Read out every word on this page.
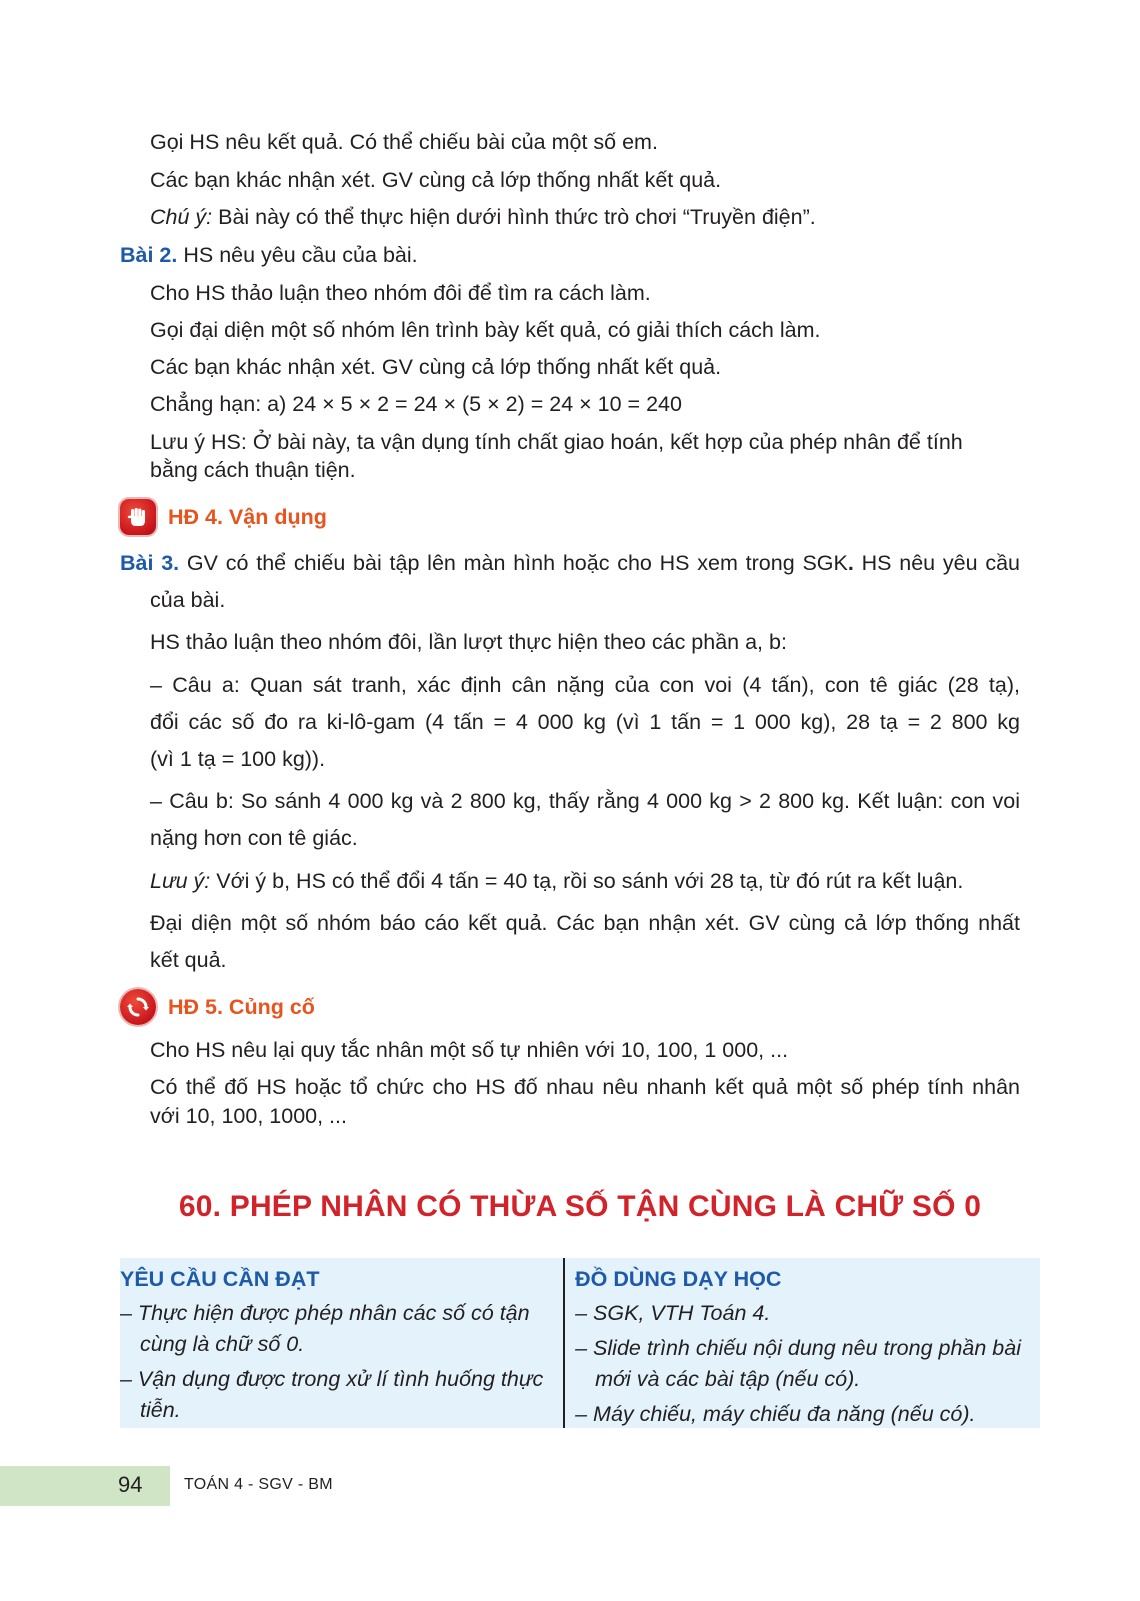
Gọi HS nêu kết quả. Có thể chiếu bài của một số em.
Các bạn khác nhận xét. GV cùng cả lớp thống nhất kết quả.
Chú ý: Bài này có thể thực hiện dưới hình thức trò chơi “Truyền điện”.
Bài 2. HS nêu yêu cầu của bài.
Cho HS thảo luận theo nhóm đôi để tìm ra cách làm.
Gọi đại diện một số nhóm lên trình bày kết quả, có giải thích cách làm.
Các bạn khác nhận xét. GV cùng cả lớp thống nhất kết quả.
Chẳng hạn: a) 24 × 5 × 2 = 24 × (5 × 2) = 24 × 10 = 240
Lưu ý HS: Ở bài này, ta vận dụng tính chất giao hoán, kết hợp của phép nhân để tính
bằng cách thuận tiện.
HĐ 4. Vận dụng
Bài 3. GV có thể chiếu bài tập lên màn hình hoặc cho HS xem trong SGK. HS nêu yêu cầu
của bài.
HS thảo luận theo nhóm đôi, lần lượt thực hiện theo các phần a, b:
– Câu a: Quan sát tranh, xác định cân nặng của con voi (4 tấn), con tê giác (28 tạ),
đổi các số đo ra ki-lô-gam (4 tấn = 4 000 kg (vì 1 tấn = 1 000 kg), 28 tạ = 2 800 kg
(vì 1 tạ = 100 kg)).
– Câu b: So sánh 4 000 kg và 2 800 kg, thấy rằng 4 000 kg > 2 800 kg. Kết luận: con voi
nặng hơn con tê giác.
Lưu ý: Với ý b, HS có thể đổi 4 tấn = 40 tạ, rồi so sánh với 28 tạ, từ đó rút ra kết luận.
Đại diện một số nhóm báo cáo kết quả. Các bạn nhận xét. GV cùng cả lớp thống nhất
kết quả.
HĐ 5. Củng cố
Cho HS nêu lại quy tắc nhân một số tự nhiên với 10, 100, 1 000, ...
Có thể đố HS hoặc tổ chức cho HS đố nhau nêu nhanh kết quả một số phép tính nhân
với 10, 100, 1000, ...
60. PHÉP NHÂN CÓ THỪA SỐ TẬN CÙNG LÀ CHỮ SỐ 0
YÊU CẦU CẦN ĐẠT
– Thực hiện được phép nhân các số có tận cùng là chữ số 0.
– Vận dụng được trong xử lí tình huống thực tiễn.
ĐỒ DÙNG DẠY HỌC
– SGK, VTH Toán 4.
– Slide trình chiếu nội dung nêu trong phần bài mới và các bài tập (nếu có).
– Máy chiếu, máy chiếu đa năng (nếu có).
94	TOÁN 4 - SGV - BM
